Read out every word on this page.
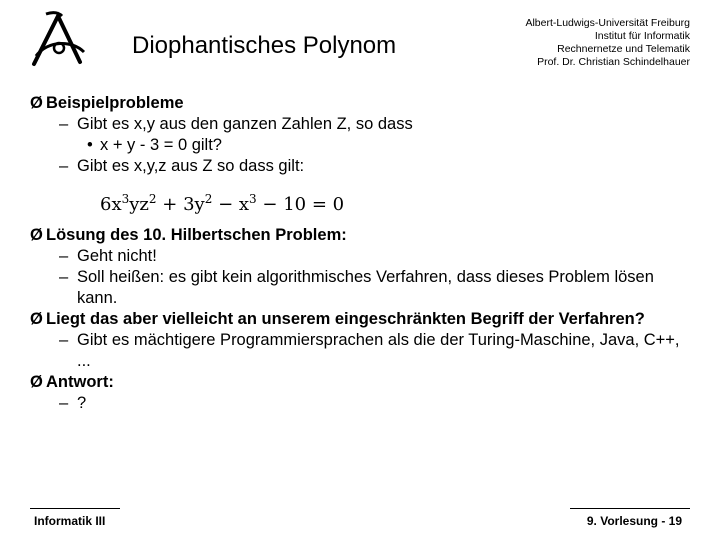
Diophantisches Polynom
Albert-Ludwigs-Universität Freiburg
Institut für Informatik
Rechnernetze und Telematik
Prof. Dr. Christian Schindelhauer
Ø Beispielprobleme
– Gibt es x,y aus den ganzen Zahlen Z, so dass
• x + y - 3 = 0 gilt?
– Gibt es x,y,z aus Z so dass gilt:
$6x^3yz^2 + 3y^2 - x^3 - 10 = 0$
Ø Lösung des 10. Hilbertschen Problem:
– Geht nicht!
– Soll heißen: es gibt kein algorithmisches Verfahren, dass dieses Problem lösen kann.
Ø Liegt das aber vielleicht an unserem eingeschränkten Begriff der Verfahren?
– Gibt es mächtigere Programmiersprachen als die der Turing-Maschine, Java, C++, ...
Ø Antwort:
– ?
Informatik III	9. Vorlesung - 19
